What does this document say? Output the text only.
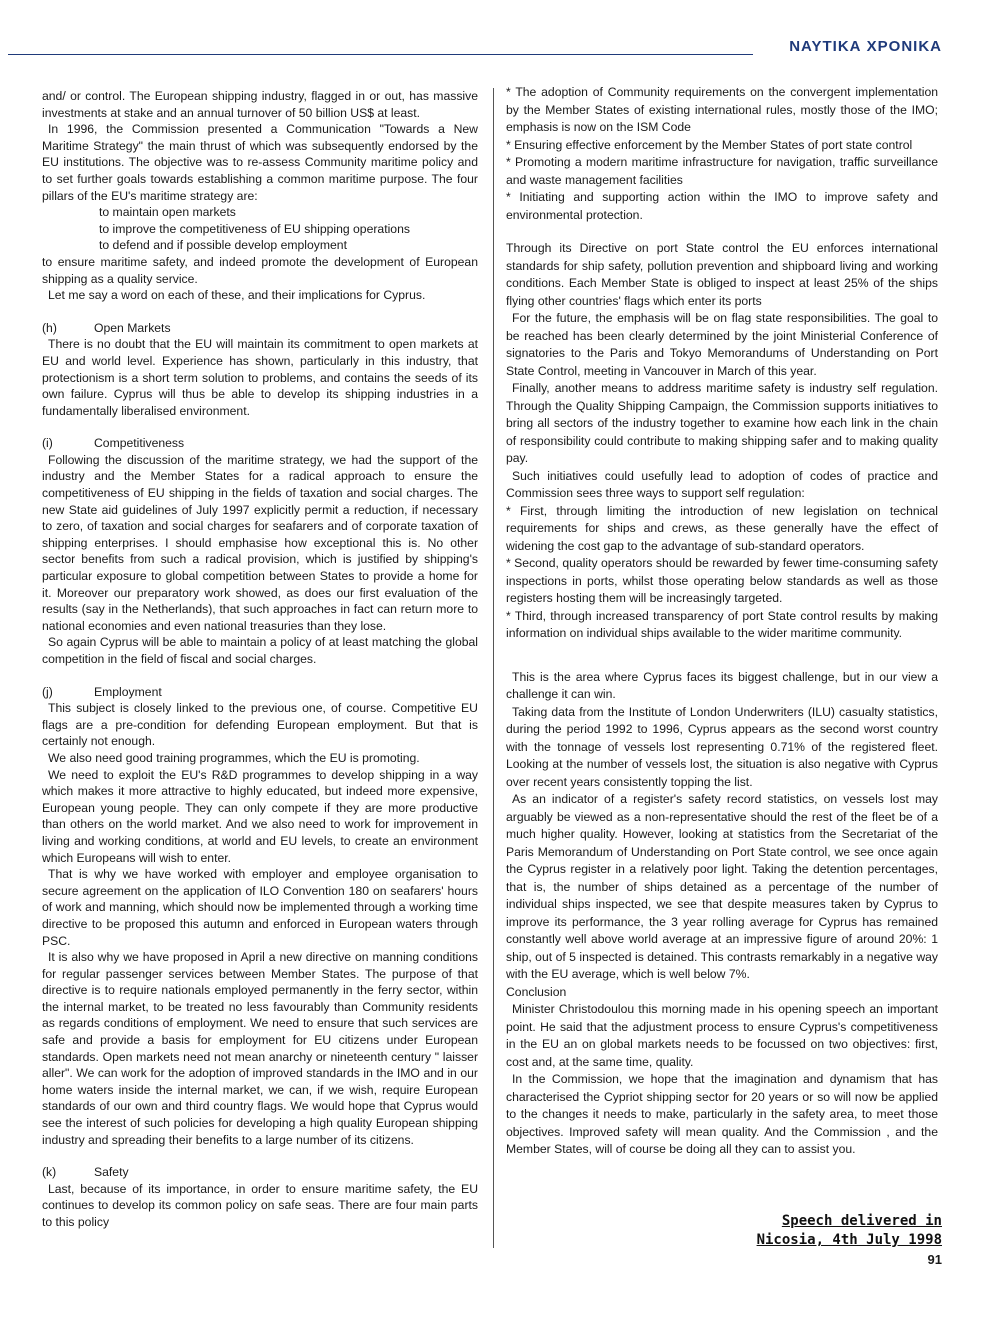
ΝΑΥΤΙΚΑ ΧΡΟΝΙΚΑ

and/ or control. The European shipping industry, flagged in or out, has massive investments at stake and an annual turnover of 50 billion US$ at least.

In 1996, the Commission presented a Communication "Towards a New Maritime Strategy" the main thrust of which was subsequently endorsed by the EU institutions. The objective was to re-assess Community maritime policy and to set further goals towards establishing a common maritime purpose. The four pillars of the EU's maritime strategy are:

to maintain open markets

to improve the competitiveness of EU shipping operations

to defend and if possible develop employment

to ensure maritime safety, and indeed promote the development of European shipping as a quality service.

Let me say a word on each of these, and their implications for Cyprus.

(h)	Open Markets

There is no doubt that the EU will maintain its commitment to open markets at EU and world level. Experience has shown, particularly in this industry, that protectionism is a short term solution to problems, and contains the seeds of its own failure. Cyprus will thus be able to develop its shipping industries in a fundamentally liberalised environment.

(i)	Competitiveness

Following the discussion of the maritime strategy, we had the support of the industry and the Member States for a radical approach to ensure the competitiveness of EU shipping in the fields of taxation and social charges. The new State aid guidelines of July 1997 explicitly permit a reduction, if necessary to zero, of taxation and social charges for seafarers and of corporate taxation of shipping enterprises. I should emphasise how exceptional this is. No other sector benefits from such a radical provision, which is justified by shipping's particular exposure to global competition between States to provide a home for it. Moreover our preparatory work showed, as does our first evaluation of the results (say in the Netherlands), that such approaches in fact can return more to national economies and even national treasuries than they lose.

So again Cyprus will be able to maintain a policy of at least matching the global competition in the field of fiscal and social charges.

(j)	Employment

This subject is closely linked to the previous one, of course. Competitive EU flags are a pre-condition for defending European employment. But that is certainly not enough.

We also need good training programmes, which the EU is promoting.

We need to exploit the EU's R&D programmes to develop shipping in a way which makes it more attractive to highly educated, but indeed more expensive, European young people. They can only compete if they are more productive than others on the world market. And we also need to work for improvement in living and working conditions, at world and EU levels, to create an environment which Europeans will wish to enter.

That is why we have worked with employer and employee organisation to secure agreement on the application of ILO Convention 180 on seafarers' hours of work and manning, which should now be implemented through a working time directive to be proposed this autumn and enforced in European waters through PSC.

It is also why we have proposed in April a new directive on manning conditions for regular passenger services between Member States. The purpose of that directive is to require nationals employed permanently in the ferry sector, within the internal market, to be treated no less favourably than Community residents as regards conditions of employment. We need to ensure that such services are safe and provide a basis for employment for EU citizens under European standards. Open markets need not mean anarchy or nineteenth century " laisser aller". We can work for the adoption of improved standards in the IMO and in our home waters inside the internal market, we can, if we wish, require European standards of our own and third country flags. We would hope that Cyprus would see the interest of such policies for developing a high quality European shipping industry and spreading their benefits to a large number of its citizens.

(k)	Safety

Last, because of its importance, in order to ensure maritime safety, the EU continues to develop its common policy on safe seas. There are four main parts to this policy

* The adoption of Community requirements on the convergent implementation by the Member States of existing international rules, mostly those of the IMO; emphasis is now on the ISM Code

* Ensuring effective enforcement by the Member States of port state control

* Promoting a modern maritime infrastructure for navigation, traffic surveillance and waste management facilities

* Initiating and supporting action within the IMO to improve safety and environmental protection.

Through its Directive on port State control the EU enforces international standards for ship safety, pollution prevention and shipboard living and working conditions. Each Member State is obliged to inspect at least 25% of the ships flying other countries' flags which enter its ports

For the future, the emphasis will be on flag state responsibilities. The goal to be reached has been clearly determined by the joint Ministerial Conference of signatories to the Paris and Tokyo Memorandums of Understanding on Port State Control, meeting in Vancouver in March of this year.

Finally, another means to address maritime safety is industry self regulation. Through the Quality Shipping Campaign, the Commission supports initiatives to bring all sectors of the industry together to examine how each link in the chain of responsibility could contribute to making shipping safer and to making quality pay.

Such initiatives could usefully lead to adoption of codes of practice and Commission sees three ways to support self regulation:

* First, through limiting the introduction of new legislation on technical requirements for ships and crews, as these generally have the effect of widening the cost gap to the advantage of sub-standard operators.

* Second, quality operators should be rewarded by fewer time-consuming safety inspections in ports, whilst those operating below standards as well as those registers hosting them will be increasingly targeted.

* Third, through increased transparency of port State control results by making information on individual ships available to the wider maritime community.

This is the area where Cyprus faces its biggest challenge, but in our view a challenge it can win.

Taking data from the Institute of London Underwriters (ILU) casualty statistics, during the period 1992 to 1996, Cyprus appears as the second worst country with the tonnage of vessels lost representing 0.71% of the registered fleet. Looking at the number of vessels lost, the situation is also negative with Cyprus over recent years consistently topping the list.

As an indicator of a register's safety record statistics, on vessels lost may arguably be viewed as a non-representative should the rest of the fleet be of a much higher quality. However, looking at statistics from the Secretariat of the Paris Memorandum of Understanding on Port State control, we see once again the Cyprus register in a relatively poor light. Taking the detention percentages, that is, the number of ships detained as a percentage of the number of individual ships inspected, we see that despite measures taken by Cyprus to improve its performance, the 3 year rolling average for Cyprus has remained constantly well above world average at an impressive figure of around 20%: 1 ship, out of 5 inspected is detained. This contrasts remarkably in a negative way with the EU average, which is well below 7%.

Conclusion

Minister Christodoulou this morning made in his opening speech an important point. He said that the adjustment process to ensure Cyprus's competitiveness in the EU an on global markets needs to be focussed on two objectives: first, cost and, at the same time, quality.

In the Commission, we hope that the imagination and dynamism that has characterised the Cypriot shipping sector for 20 years or so will now be applied to the changes it needs to make, particularly in the safety area, to meet those objectives. Improved safety will mean quality. And the Commission , and the Member States, will of course be doing all they can to assist you.

Speech delivered in
Nicosia, 4th July 1998
91
